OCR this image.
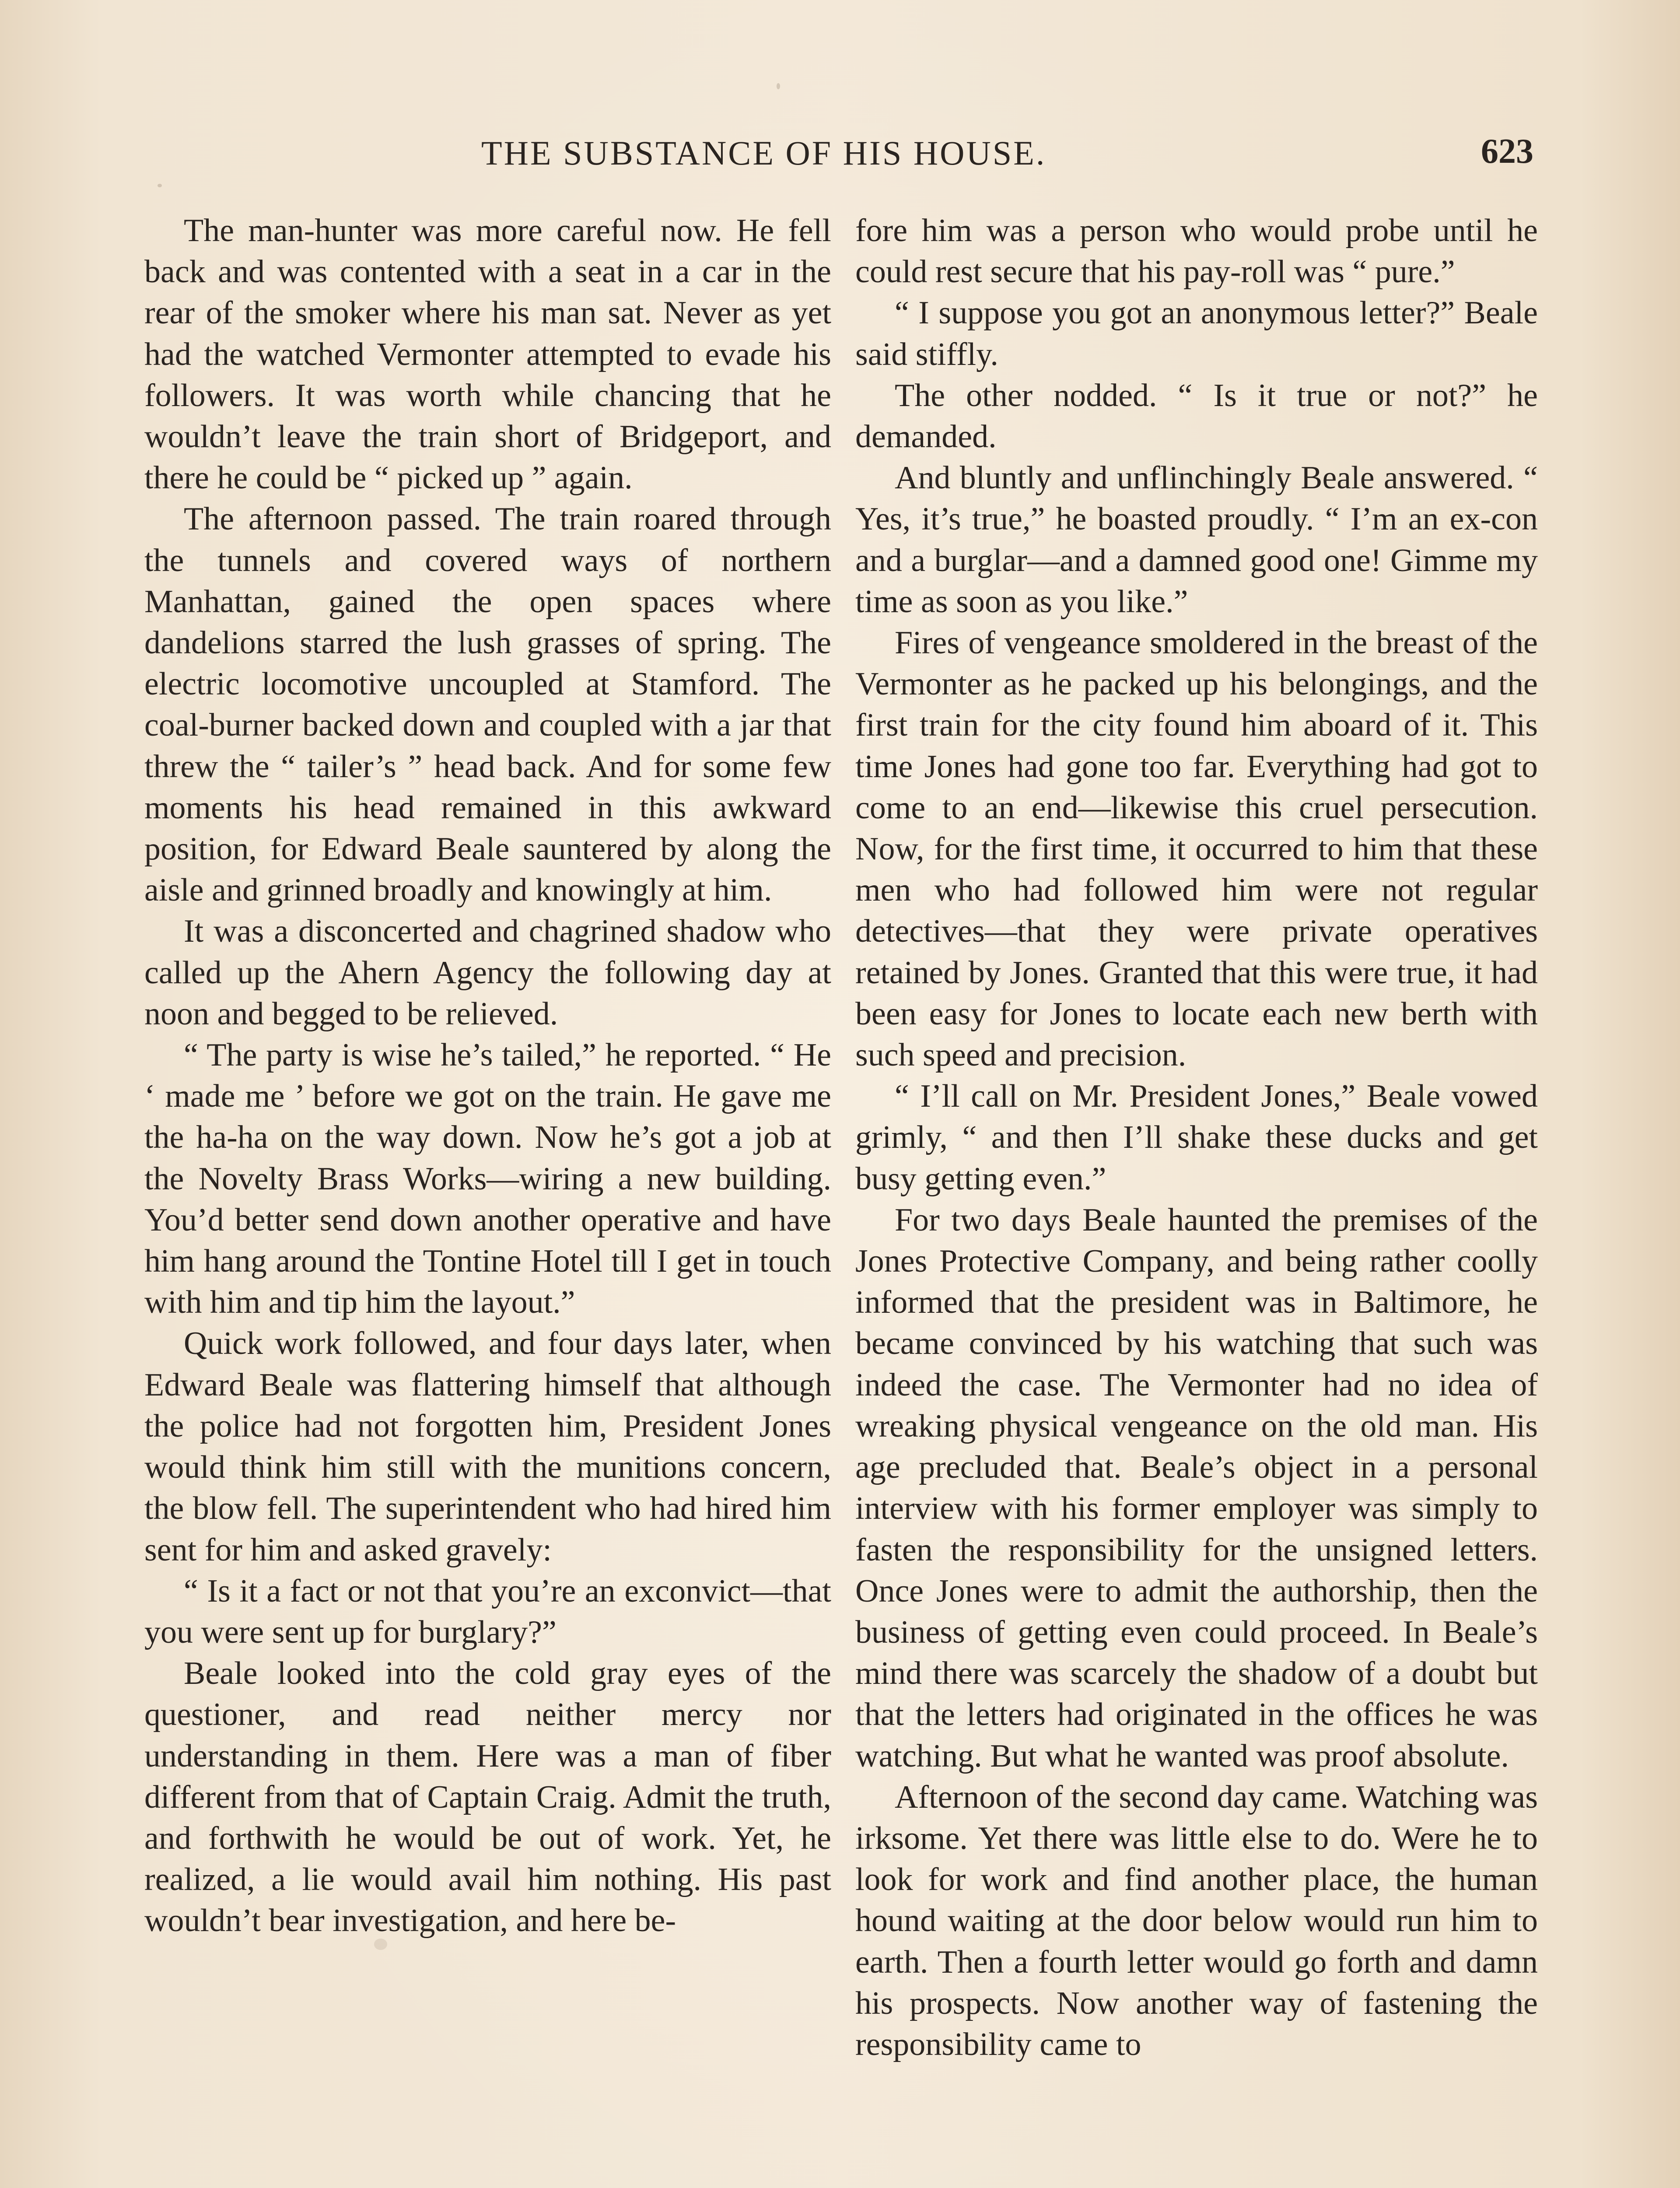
THE SUBSTANCE OF HIS HOUSE.	623

The man-hunter was more careful now. He fell back and was contented with a seat in a car in the rear of the smoker where his man sat. Never as yet had the watched Vermonter attempted to evade his followers. It was worth while chancing that he wouldn’t leave the train short of Bridgeport, and there he could be “ picked up ” again.

The afternoon passed. The train roared through the tunnels and covered ways of northern Manhattan, gained the open spaces where dandelions starred the lush grasses of spring. The electric locomotive uncoupled at Stamford. The coal-burner backed down and coupled with a jar that threw the “ tailer’s ” head back. And for some few moments his head remained in this awkward position, for Edward Beale sauntered by along the aisle and grinned broadly and knowingly at him.

It was a disconcerted and chagrined shadow who called up the Ahern Agency the following day at noon and begged to be relieved.

“ The party is wise he’s tailed,” he reported. “ He ‘ made me ’ before we got on the train. He gave me the ha-ha on the way down. Now he’s got a job at the Novelty Brass Works—wiring a new building. You’d better send down another operative and have him hang around the Tontine Hotel till I get in touch with him and tip him the layout.”

Quick work followed, and four days later, when Edward Beale was flattering himself that although the police had not forgotten him, President Jones would think him still with the munitions concern, the blow fell. The superintendent who had hired him sent for him and asked gravely:

“ Is it a fact or not that you’re an exconvict—that you were sent up for burglary?”

Beale looked into the cold gray eyes of the questioner, and read neither mercy nor understanding in them. Here was a man of fiber different from that of Captain Craig. Admit the truth, and forthwith he would be out of work. Yet, he realized, a lie would avail him nothing. His past wouldn’t bear investigation, and here be-

fore him was a person who would probe until he could rest secure that his pay-roll was “ pure.”

“ I suppose you got an anonymous letter?” Beale said stiffly.

The other nodded. “ Is it true or not?” he demanded.

And bluntly and unflinchingly Beale answered. “ Yes, it’s true,” he boasted proudly. “ I’m an ex-con and a burglar—and a damned good one! Gimme my time as soon as you like.”

Fires of vengeance smoldered in the breast of the Vermonter as he packed up his belongings, and the first train for the city found him aboard of it. This time Jones had gone too far. Everything had got to come to an end—likewise this cruel persecution. Now, for the first time, it occurred to him that these men who had followed him were not regular detectives—that they were private operatives retained by Jones. Granted that this were true, it had been easy for Jones to locate each new berth with such speed and precision.

“ I’ll call on Mr. President Jones,” Beale vowed grimly, “ and then I’ll shake these ducks and get busy getting even.”

For two days Beale haunted the premises of the Jones Protective Company, and being rather coolly informed that the president was in Baltimore, he became convinced by his watching that such was indeed the case. The Vermonter had no idea of wreaking physical vengeance on the old man. His age precluded that. Beale’s object in a personal interview with his former employer was simply to fasten the responsibility for the unsigned letters. Once Jones were to admit the authorship, then the business of getting even could proceed. In Beale’s mind there was scarcely the shadow of a doubt but that the letters had originated in the offices he was watching. But what he wanted was proof absolute.

Afternoon of the second day came. Watching was irksome. Yet there was little else to do. Were he to look for work and find another place, the human hound waiting at the door below would run him to earth. Then a fourth letter would go forth and damn his prospects. Now another way of fastening the responsibility came to
